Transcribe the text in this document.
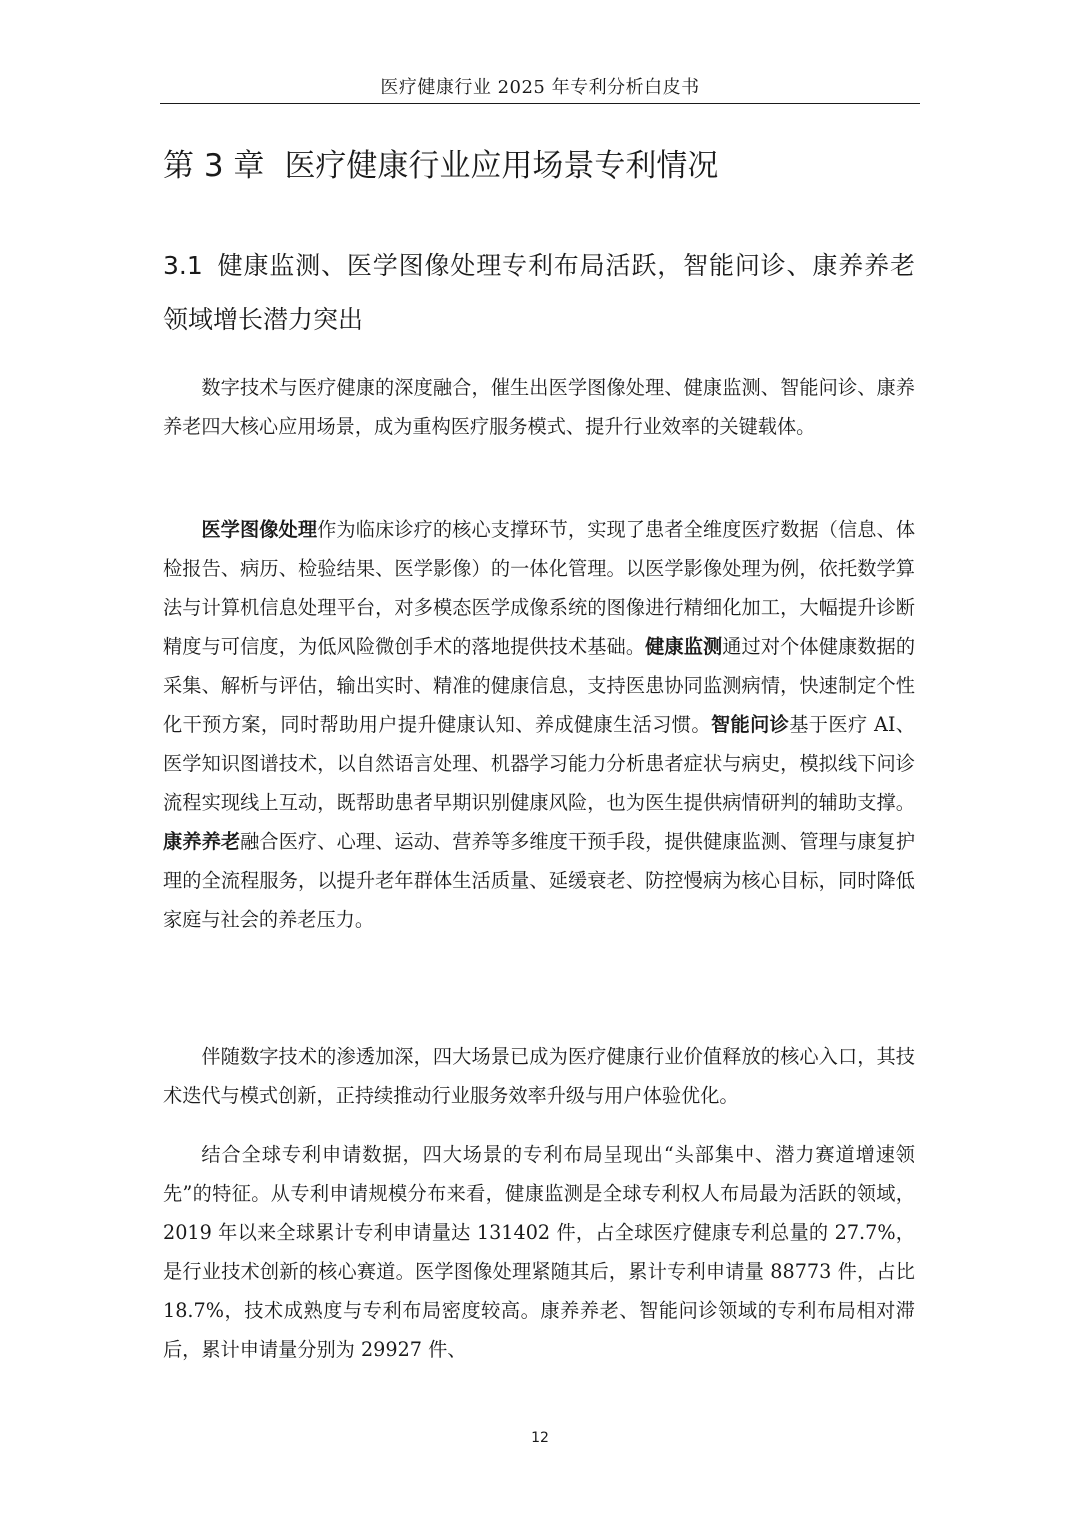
医疗健康行业 2025 年专利分析白皮书
第 3 章 医疗健康行业应用场景专利情况
3.1 健康监测、医学图像处理专利布局活跃，智能问诊、康养养老领域增长潜力突出

数字技术与医疗健康的深度融合，催生出医学图像处理、健康监测、智能问诊、康养养老四大核心应用场景，成为重构医疗服务模式、提升行业效率的关键载体。

医学图像处理作为临床诊疗的核心支撑环节，实现了患者全维度医疗数据（信息、体检报告、病历、检验结果、医学影像）的一体化管理。以医学影像处理为例，依托数学算法与计算机信息处理平台，对多模态医学成像系统的图像进行精细化加工，大幅提升诊断精度与可信度，为低风险微创手术的落地提供技术基础。健康监测通过对个体健康数据的采集、解析与评估，输出实时、精准的健康信息，支持医患协同监测病情，快速制定个性化干预方案，同时帮助用户提升健康认知、养成健康生活习惯。智能问诊基于医疗 AI、医学知识图谱技术，以自然语言处理、机器学习能力分析患者症状与病史，模拟线下问诊流程实现线上互动，既帮助患者早期识别健康风险，也为医生提供病情研判的辅助支撑。康养养老融合医疗、心理、运动、营养等多维度干预手段，提供健康监测、管理与康复护理的全流程服务，以提升老年群体生活质量、延缓衰老、防控慢病为核心目标，同时降低家庭与社会的养老压力。

伴随数字技术的渗透加深，四大场景已成为医疗健康行业价值释放的核心入口，其技术迭代与模式创新，正持续推动行业服务效率升级与用户体验优化。

结合全球专利申请数据，四大场景的专利布局呈现出“头部集中、潜力赛道增速领先”的特征。从专利申请规模分布来看，健康监测是全球专利权人布局最为活跃的领域，2019 年以来全球累计专利申请量达 131402 件，占全球医疗健康专利总量的 27.7%，是行业技术创新的核心赛道。医学图像处理紧随其后，累计专利申请量 88773 件，占比 18.7%，技术成熟度与专利布局密度较高。康养养老、智能问诊领域的专利布局相对滞后，累计申请量分别为 29927 件、

12
